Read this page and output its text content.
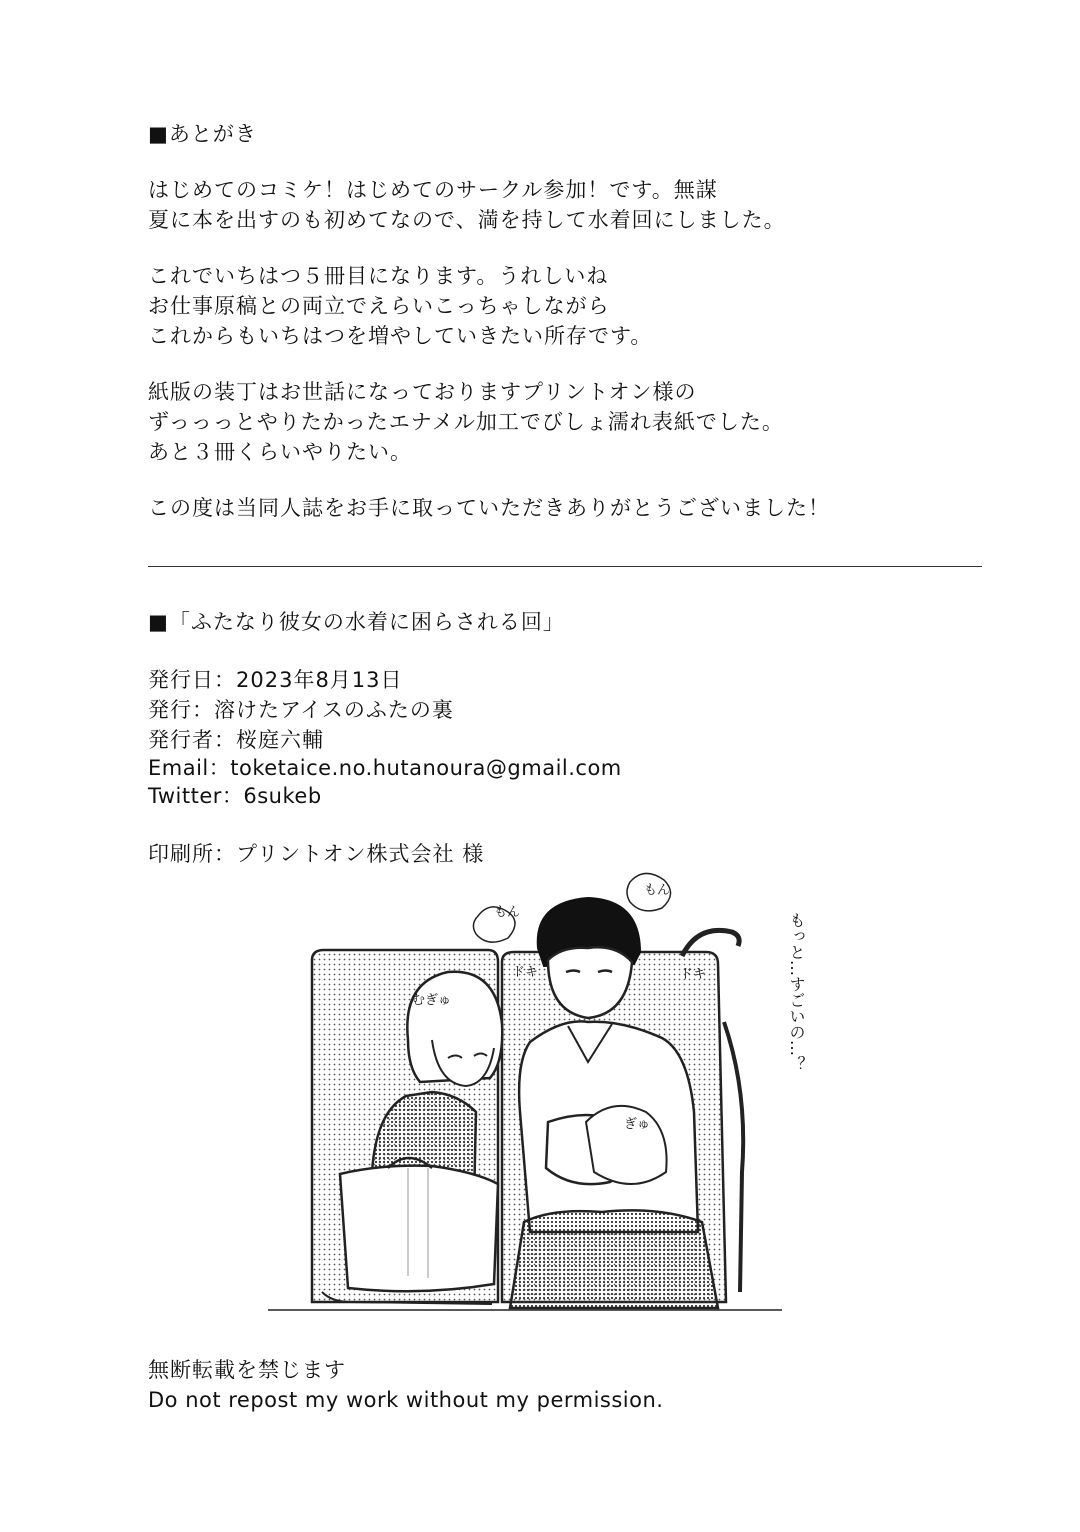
■あとがき
はじめてのコミケ！はじめてのサークル参加！です。無謀
夏に本を出すのも初めてなので、満を持して水着回にしました。
これでいちはつ５冊目になります。うれしいね
お仕事原稿との両立でえらいこっちゃしながら
これからもいちはつを増やしていきたい所存です。
紙版の装丁はお世話になっておりますプリントオン様の
ずっっっとやりたかったエナメル加工でびしょ濡れ表紙でした。
あと３冊くらいやりたい。
この度は当同人誌をお手に取っていただきありがとうございました！
■「ふたなり彼女の水着に困らされる回」
発行日：2023年8月13日
発行：溶けたアイスのふたの裏
発行者：桜庭六輔
Email：toketaice.no.hutanoura@gmail.com
Twitter：6sukeb
印刷所：プリントオン株式会社 様
もん
もん
ドキ	ドキ
むぎゅ
ぎゅ
もっと…すごいの…？
無断転載を禁じます
Do not repost my work without my permission.
